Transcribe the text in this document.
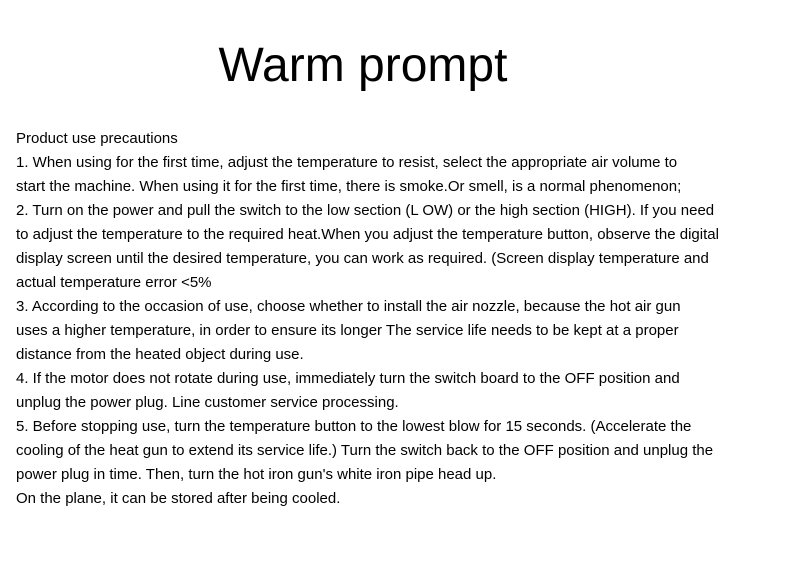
Warm prompt
Product use precautions
1. When using for the first time, adjust the temperature to resist, select the appropriate air volume to
start the machine. When using it for the first time, there is smoke.Or smell, is a normal phenomenon;
2. Turn on the power and pull the switch to the low section (L OW) or the high section (HIGH). If you need
to adjust the temperature to the required heat.When you adjust the temperature button, observe the digital
display screen until the desired temperature, you can work as required. (Screen display temperature and
actual temperature error <5%
3. According to the occasion of use, choose whether to install the air nozzle, because the hot air gun
uses a higher temperature, in order to ensure its longer The service life needs to be kept at a proper
distance from the heated object during use.
4. If the motor does not rotate during use, immediately turn the switch board to the OFF position and
unplug the power plug. Line customer service processing.
5. Before stopping use, turn the temperature button to the lowest blow for 15 seconds. (Accelerate the
cooling of the heat gun to extend its service life.) Turn the switch back to the OFF position and unplug the
power plug in time. Then, turn the hot iron gun's white iron pipe head up.
On the plane, it can be stored after being cooled.
